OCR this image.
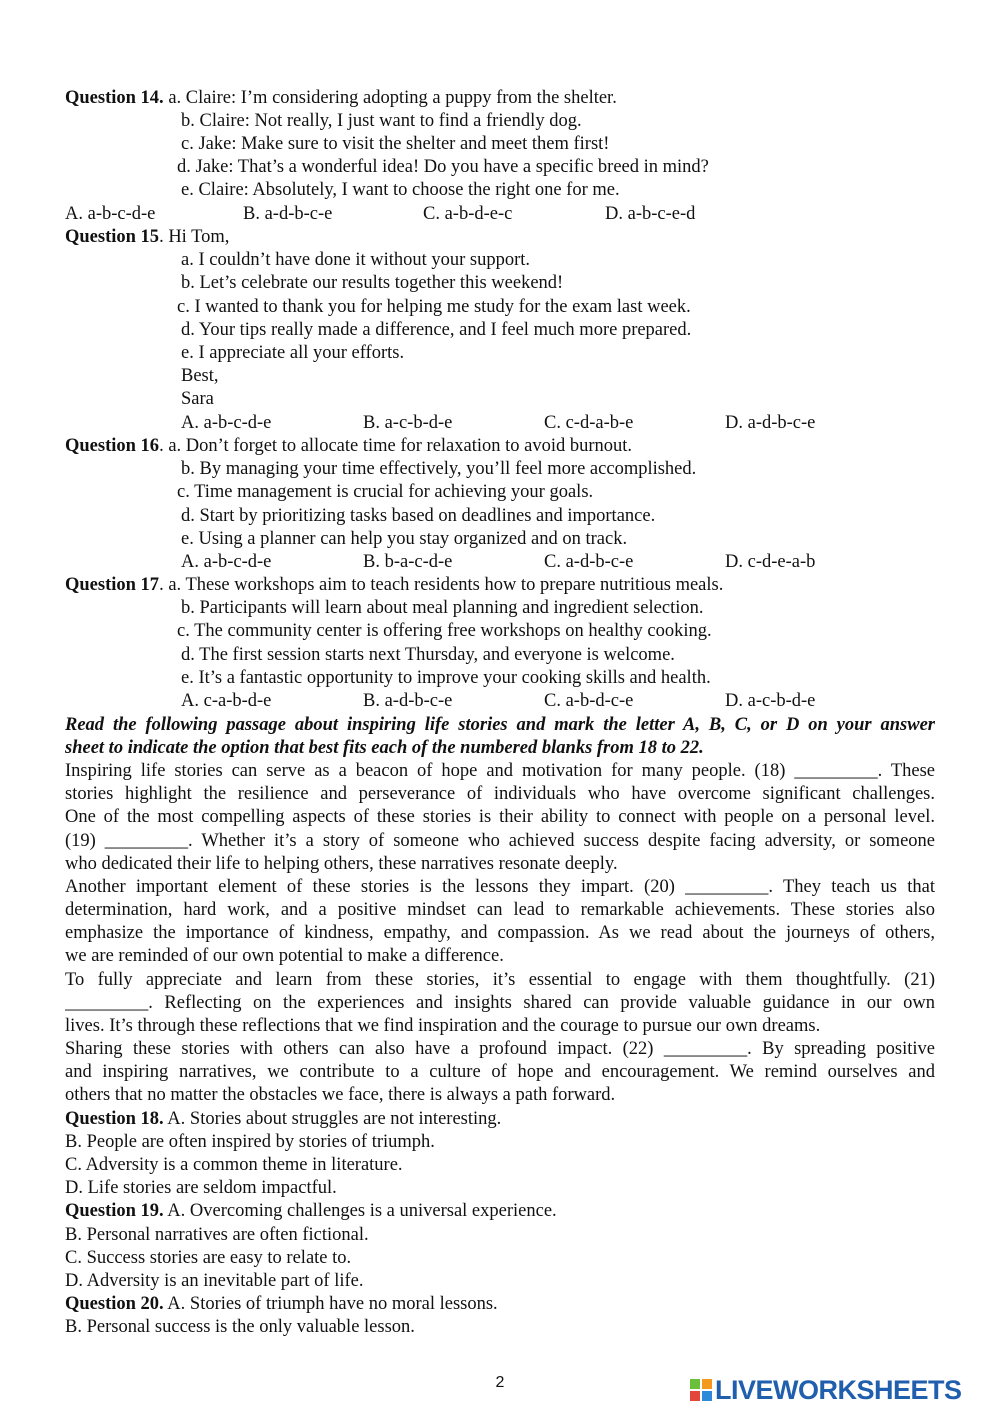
Question 14. a. Claire: I’m considering adopting a puppy from the shelter.
b. Claire: Not really, I just want to find a friendly dog.
c. Jake: Make sure to visit the shelter and meet them first!
d. Jake: That’s a wonderful idea! Do you have a specific breed in mind?
e. Claire: Absolutely, I want to choose the right one for me.
A. a-b-c-d-e	B. a-d-b-c-e	C. a-b-d-e-c	D. a-b-c-e-d
Question 15. Hi Tom,
a. I couldn’t have done it without your support.
b. Let’s celebrate our results together this weekend!
c. I wanted to thank you for helping me study for the exam last week.
d. Your tips really made a difference, and I feel much more prepared.
e. I appreciate all your efforts.
Best,
Sara
A. a-b-c-d-e	B. a-c-b-d-e	C. c-d-a-b-e	D. a-d-b-c-e
Question 16. a. Don’t forget to allocate time for relaxation to avoid burnout.
b. By managing your time effectively, you’ll feel more accomplished.
c. Time management is crucial for achieving your goals.
d. Start by prioritizing tasks based on deadlines and importance.
e. Using a planner can help you stay organized and on track.
A. a-b-c-d-e	B. b-a-c-d-e	C. a-d-b-c-e	D. c-d-e-a-b
Question 17. a. These workshops aim to teach residents how to prepare nutritious meals.
b. Participants will learn about meal planning and ingredient selection.
c. The community center is offering free workshops on healthy cooking.
d. The first session starts next Thursday, and everyone is welcome.
e. It’s a fantastic opportunity to improve your cooking skills and health.
A. c-a-b-d-e	B. a-d-b-c-e	C. a-b-d-c-e	D. a-c-b-d-e
Read the following passage about inspiring life stories and mark the letter A, B, C, or D on your answer
sheet to indicate the option that best fits each of the numbered blanks from 18 to 22.
Inspiring life stories can serve as a beacon of hope and motivation for many people. (18) _________. These
stories highlight the resilience and perseverance of individuals who have overcome significant challenges.
One of the most compelling aspects of these stories is their ability to connect with people on a personal level.
(19) _________. Whether it’s a story of someone who achieved success despite facing adversity, or someone
who dedicated their life to helping others, these narratives resonate deeply.
Another important element of these stories is the lessons they impart. (20) _________. They teach us that
determination, hard work, and a positive mindset can lead to remarkable achievements. These stories also
emphasize the importance of kindness, empathy, and compassion. As we read about the journeys of others,
we are reminded of our own potential to make a difference.
To fully appreciate and learn from these stories, it’s essential to engage with them thoughtfully. (21)
_________. Reflecting on the experiences and insights shared can provide valuable guidance in our own
lives. It’s through these reflections that we find inspiration and the courage to pursue our own dreams.
Sharing these stories with others can also have a profound impact. (22) _________. By spreading positive
and inspiring narratives, we contribute to a culture of hope and encouragement. We remind ourselves and
others that no matter the obstacles we face, there is always a path forward.
Question 18. A. Stories about struggles are not interesting.
B. People are often inspired by stories of triumph.
C. Adversity is a common theme in literature.
D. Life stories are seldom impactful.
Question 19. A. Overcoming challenges is a universal experience.
B. Personal narratives are often fictional.
C. Success stories are easy to relate to.
D. Adversity is an inevitable part of life.
Question 20. A. Stories of triumph have no moral lessons.
B. Personal success is the only valuable lesson.
2	LIVEWORKSHEETS
